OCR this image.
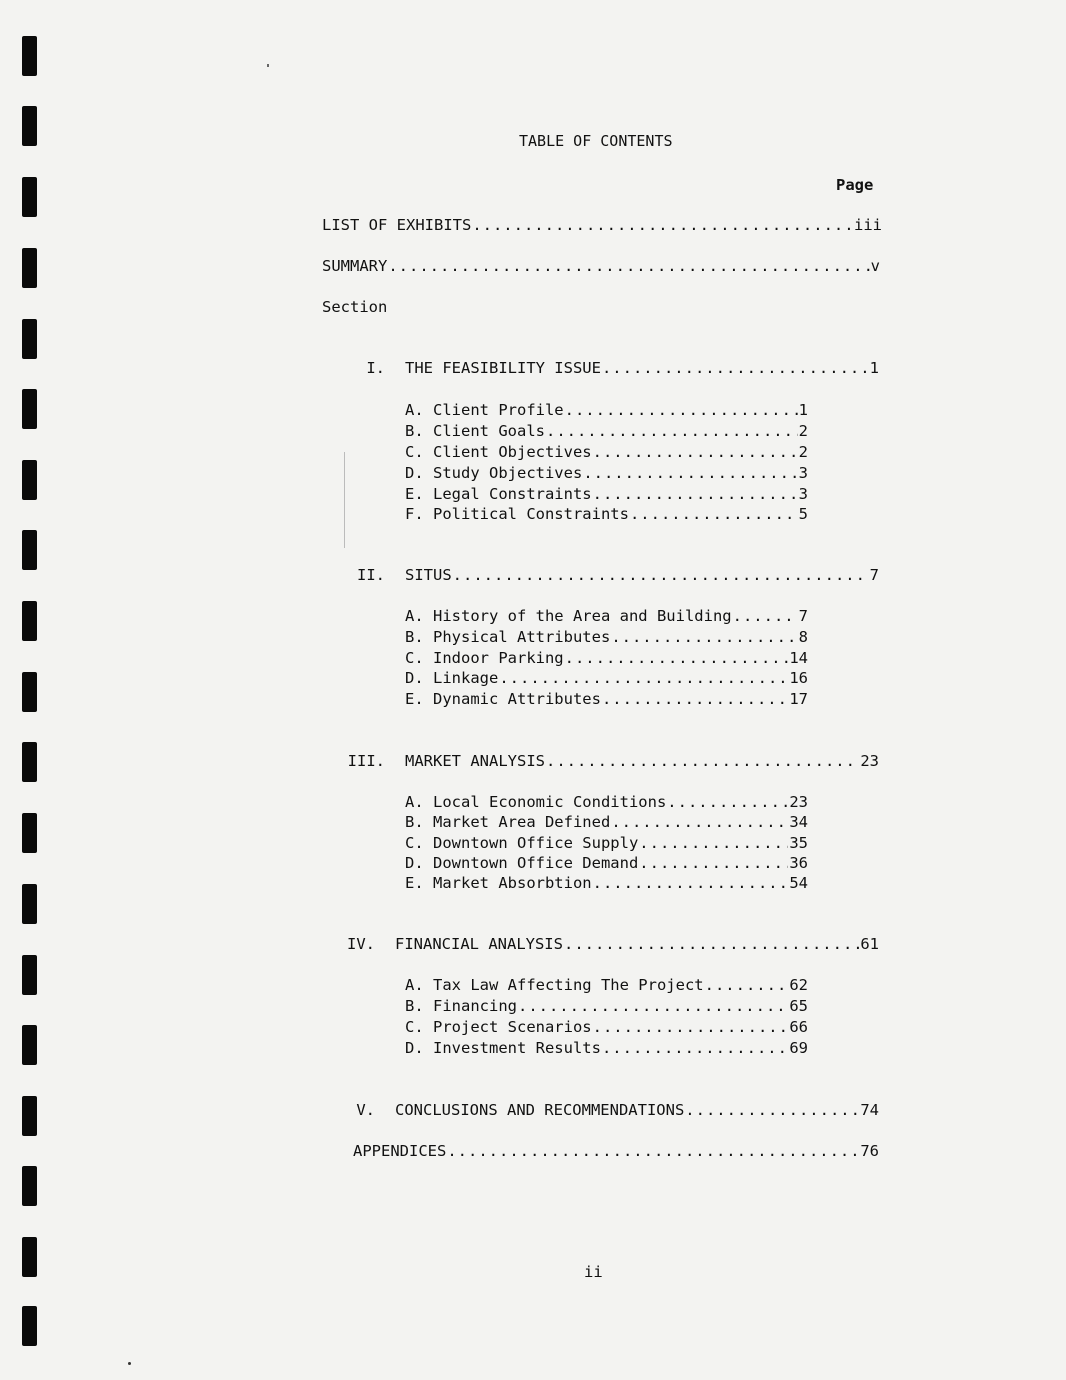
TABLE OF CONTENTS
Page
LIST OF EXHIBITS .....	iii
SUMMARY .....	v
Section
I. THE FEASIBILITY ISSUE .....	1
A. Client Profile .....	1
B. Client Goals .....	2
C. Client Objectives .....	2
D. Study Objectives .....	3
E. Legal Constraints .....	3
F. Political Constraints .....	5
II. SITUS .....	7
A. History of the Area and Building .....	7
B. Physical Attributes .....	8
C. Indoor Parking .....	14
D. Linkage .....	16
E. Dynamic Attributes .....	17
III. MARKET ANALYSIS .....	23
A. Local Economic Conditions .....	23
B. Market Area Defined .....	34
C. Downtown Office Supply .....	35
D. Downtown Office Demand .....	36
E. Market Absorbtion .....	54
IV. FINANCIAL ANALYSIS .....	61
A. Tax Law Affecting The Project .....	62
B. Financing .....	65
C. Project Scenarios .....	66
D. Investment Results .....	69
V. CONCLUSIONS AND RECOMMENDATIONS .....	74
APPENDICES .....	76
ii
